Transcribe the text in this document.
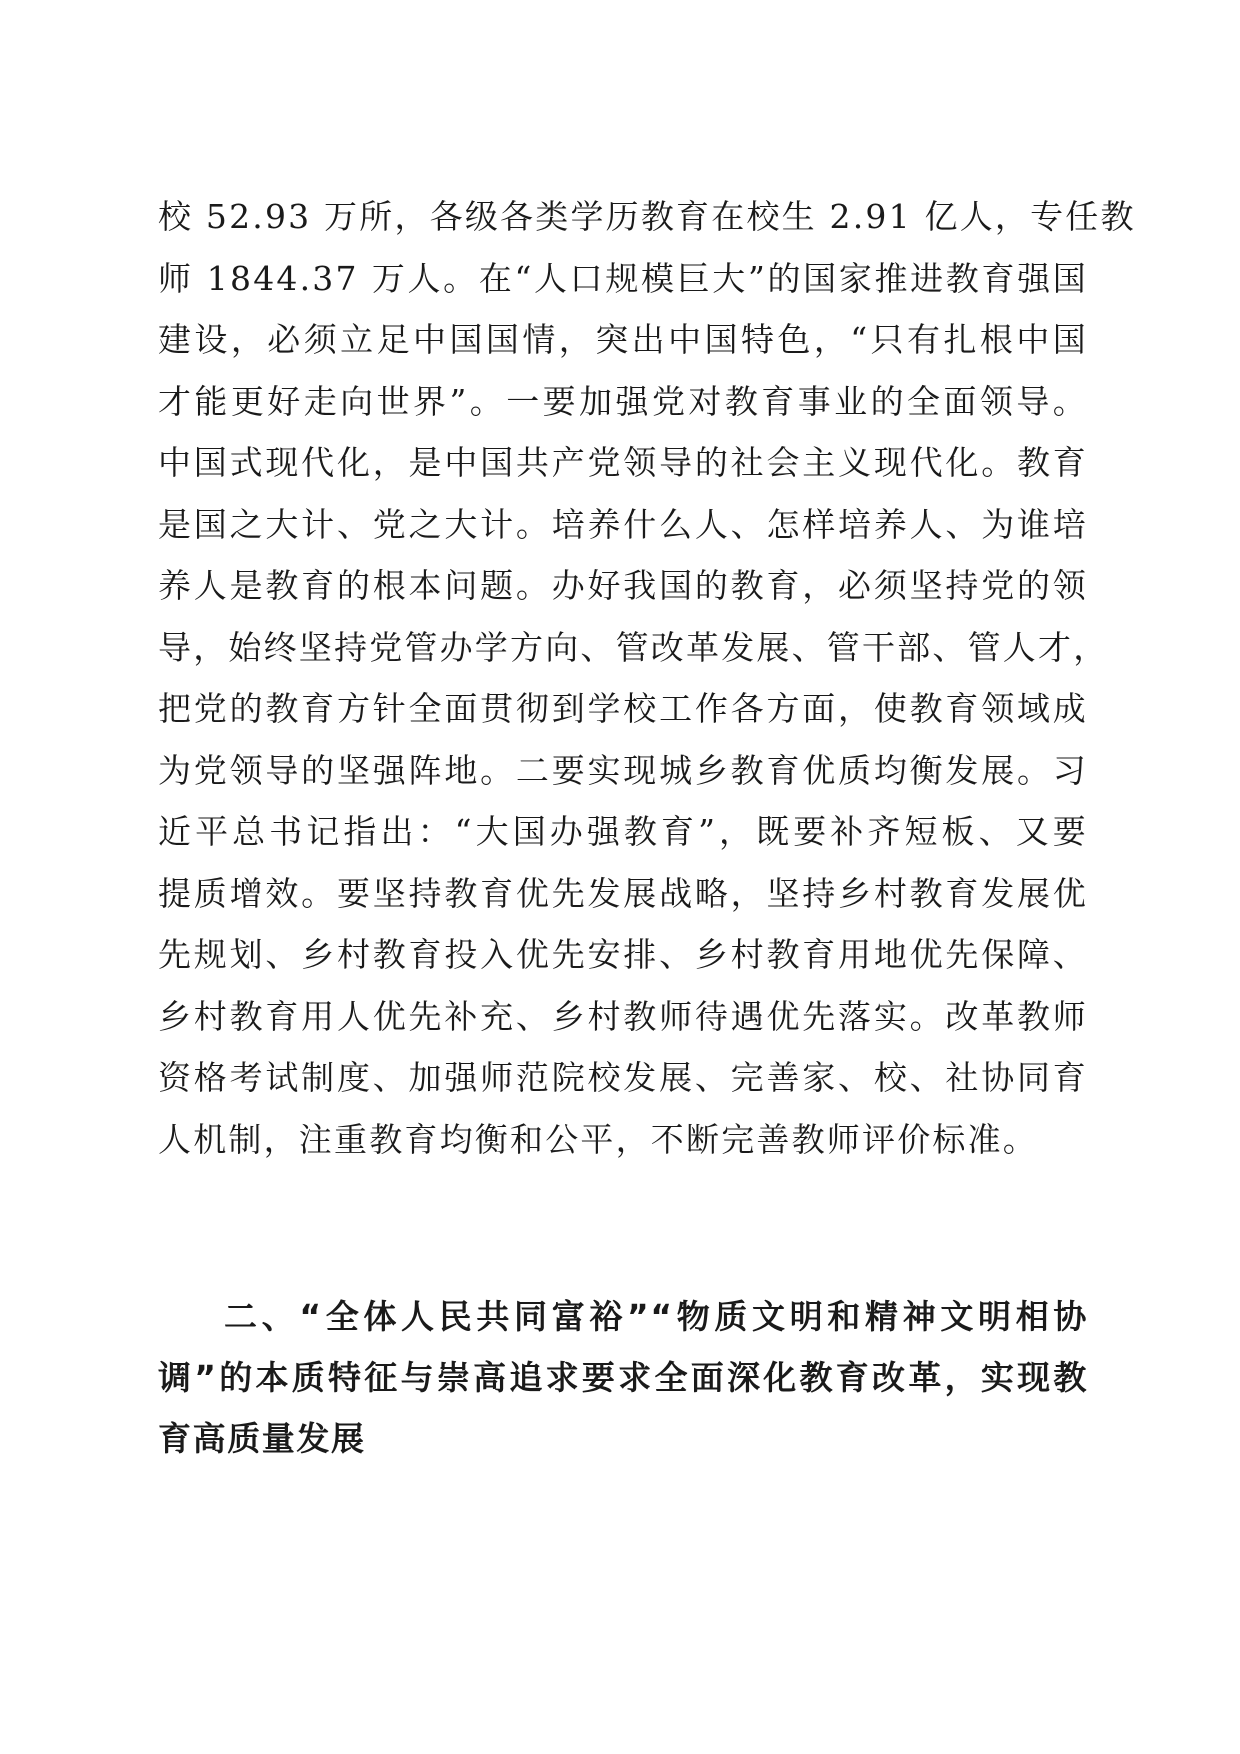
校 52.93 万所，各级各类学历教育在校生 2.91 亿人，专任教
师 1844.37 万人。在“人口规模巨大”的国家推进教育强国
建设，必须立足中国国情，突出中国特色，“只有扎根中国
才能更好走向世界”。一要加强党对教育事业的全面领导。
中国式现代化，是中国共产党领导的社会主义现代化。教育
是国之大计、党之大计。培养什么人、怎样培养人、为谁培
养人是教育的根本问题。办好我国的教育，必须坚持党的领
导，始终坚持党管办学方向、管改革发展、管干部、管人才，
把党的教育方针全面贯彻到学校工作各方面，使教育领域成
为党领导的坚强阵地。二要实现城乡教育优质均衡发展。习
近平总书记指出：“大国办强教育”，既要补齐短板、又要
提质增效。要坚持教育优先发展战略，坚持乡村教育发展优
先规划、乡村教育投入优先安排、乡村教育用地优先保障、
乡村教育用人优先补充、乡村教师待遇优先落实。改革教师
资格考试制度、加强师范院校发展、完善家、校、社协同育
人机制，注重教育均衡和公平，不断完善教师评价标准。
二、“全体人民共同富裕”“物质文明和精神文明相协
调”的本质特征与崇高追求要求全面深化教育改革，实现教
育高质量发展
